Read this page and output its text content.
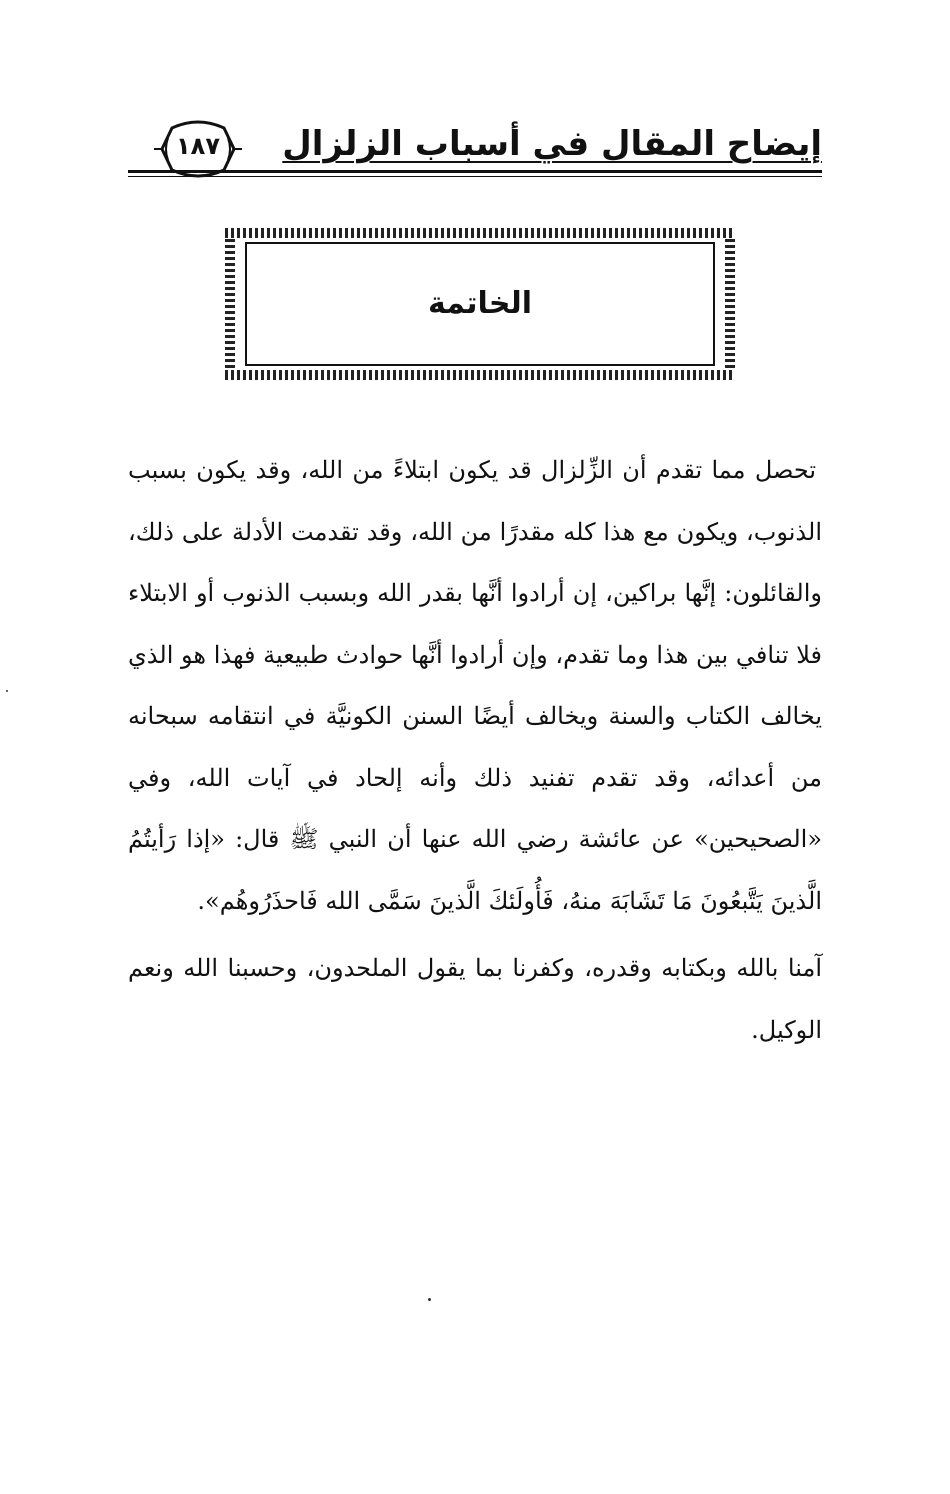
إيضاح المقال في أسباب الزلزال
١٨٧
الخاتمة

تحصل مما تقدم أن الزِّلزال قد يكون ابتلاءً من الله، وقد يكون بسبب الذنوب، ويكون مع هذا كله مقدرًا من الله، وقد تقدمت الأدلة على ذلك، والقائلون: إنَّها براكين، إن أرادوا أنَّها بقدر الله وبسبب الذنوب أو الابتلاء فلا تنافي بين هذا وما تقدم، وإن أرادوا أنَّها حوادث طبيعية فهذا هو الذي يخالف الكتاب والسنة ويخالف أيضًا السنن الكونيَّة في انتقامه سبحانه من أعدائه، وقد تقدم تفنيد ذلك وأنه إلحاد في آيات الله، وفي «الصحيحين» عن عائشة رضي الله عنها أن النبي ﷺ قال: «إذا رَأيتُمُ الَّذينَ يَتَّبعُونَ مَا تَشَابَهَ منهُ، فَأُولَئكَ الَّذينَ سَمَّى الله فَاحذَرُوهُم».

آمنا بالله وبكتابه وقدره، وكفرنا بما يقول الملحدون، وحسبنا الله ونعم الوكيل.
